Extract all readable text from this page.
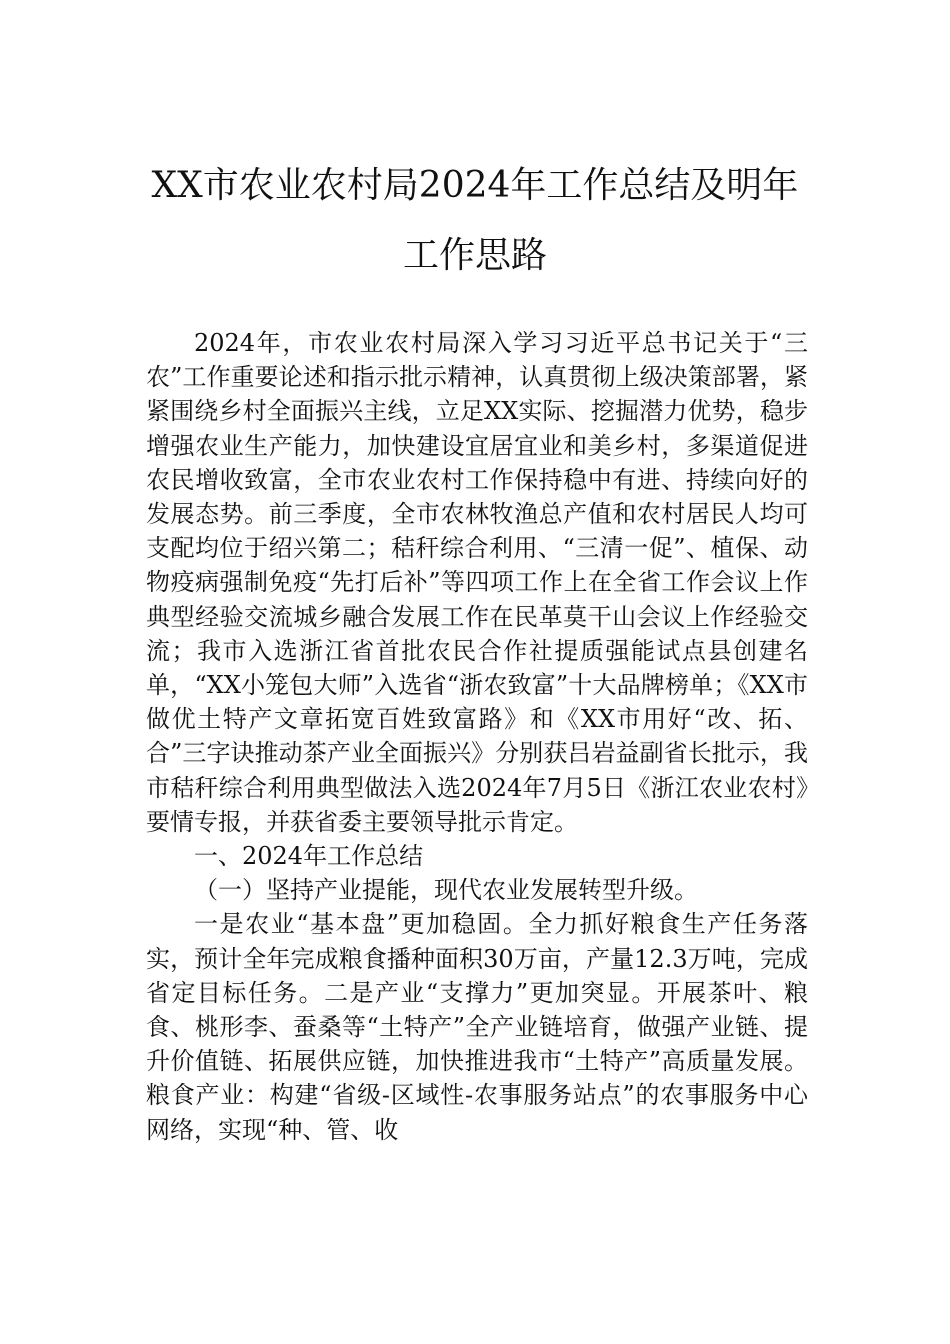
XX市农业农村局2024年工作总结及明年
工作思路

2024年，市农业农村局深入学习习近平总书记关于“三农”工作重要论述和指示批示精神，认真贯彻上级决策部署，紧紧围绕乡村全面振兴主线，立足XX实际、挖掘潜力优势，稳步增强农业生产能力，加快建设宜居宜业和美乡村，多渠道促进农民增收致富，全市农业农村工作保持稳中有进、持续向好的发展态势。前三季度，全市农林牧渔总产值和农村居民人均可支配均位于绍兴第二；秸秆综合利用、“三清一促”、植保、动物疫病强制免疫“先打后补”等四项工作上在全省工作会议上作典型经验交流城乡融合发展工作在民革莫干山会议上作经验交流；我市入选浙江省首批农民合作社提质强能试点县创建名单，“XX小笼包大师”入选省“浙农致富”十大品牌榜单；《XX市做优土特产文章拓宽百姓致富路》和《XX市用好“改、拓、合”三字诀推动茶产业全面振兴》分别获吕岩益副省长批示，我市秸秆综合利用典型做法入选2024年7月5日《浙江农业农村》要情专报，并获省委主要领导批示肯定。

一、2024年工作总结

（一）坚持产业提能，现代农业发展转型升级。

一是农业“基本盘”更加稳固。全力抓好粮食生产任务落实，预计全年完成粮食播种面积30万亩，产量12.3万吨，完成省定目标任务。二是产业“支撑力”更加突显。开展茶叶、粮食、桃形李、蚕桑等“土特产”全产业链培育，做强产业链、提升价值链、拓展供应链，加快推进我市“土特产”高质量发展。粮食产业：构建“省级-区域性-农事服务站点”的农事服务中心网络，实现“种、管、收
